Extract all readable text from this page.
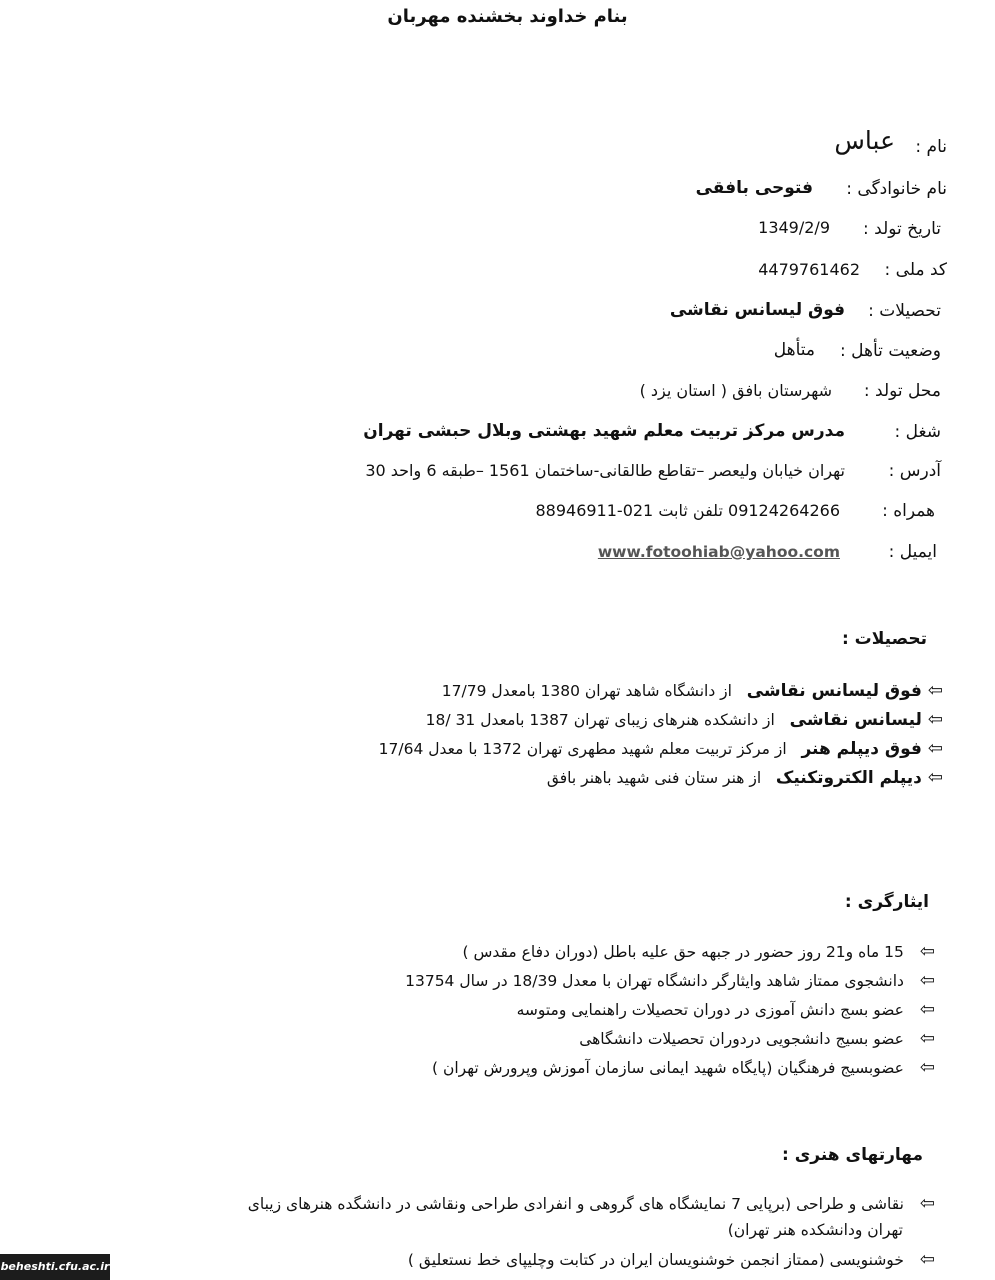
بنام خداوند بخشنده مهربان
نام :
عباس
نام خانوادگی :
فتوحی بافقی
تاریخ تولد :
1349/2/9
کد ملی :
4479761462
تحصیلات :
فوق لیسانس نقاشی
وضعیت تأهل :
متأهل
محل تولد :
شهرستان بافق ( استان یزد )
شغل :
مدرس مرکز تربیت معلم شهید بهشتی وبلال حبشی تهران
آدرس :
تهران خیابان ولیعصر –تقاطع طالقانی-ساختمان 1561 –طبقه 6 واحد 30
همراه :
09124264266 تلفن ثابت 021-88946911
ایمیل :
www.fotoohiab@yahoo.com
تحصیلات :
⇦فوق لیسانس نقاشی   از دانشگاه شاهد تهران 1380 بامعدل 17/79
⇦لیسانس نقاشی   از دانشکده هنرهای زیبای تهران 1387 بامعدل 31 /18
⇦فوق دیپلم هنر   از مرکز تربیت معلم شهید مطهری تهران 1372 با معدل 17/64
⇦دیپلم الکتروتکنیک   از هنر ستان فنی شهید باهنر بافق
ایثارگری :
⇦15 ماه و21 روز حضور در جبهه حق علیه باطل (دوران دفاع مقدس )
⇦دانشجوی ممتاز شاهد وایثارگر دانشگاه تهران با معدل 18/39 در سال 13754
⇦عضو بسج دانش آموزی در دوران تحصیلات راهنمایی ومتوسه
⇦عضو بسیج دانشجویی دردوران تحصیلات دانشگاهی
⇦عضوبسیج فرهنگیان (پایگاه شهید ایمانی سازمان آموزش وپرورش تهران )
مهارتهای هنری :
⇦نقاشی و طراحی (برپایی 7 نمایشگاه های گروهی و انفرادی طراحی ونقاشی در دانشگده هنرهای زیبای
تهران ودانشکده هنر تهران)
⇦خوشنویسی (ممتاز انجمن خوشنویسان ایران در کتابت وچلیپای خط نستعلیق )
beheshti.cfu.ac.ir
